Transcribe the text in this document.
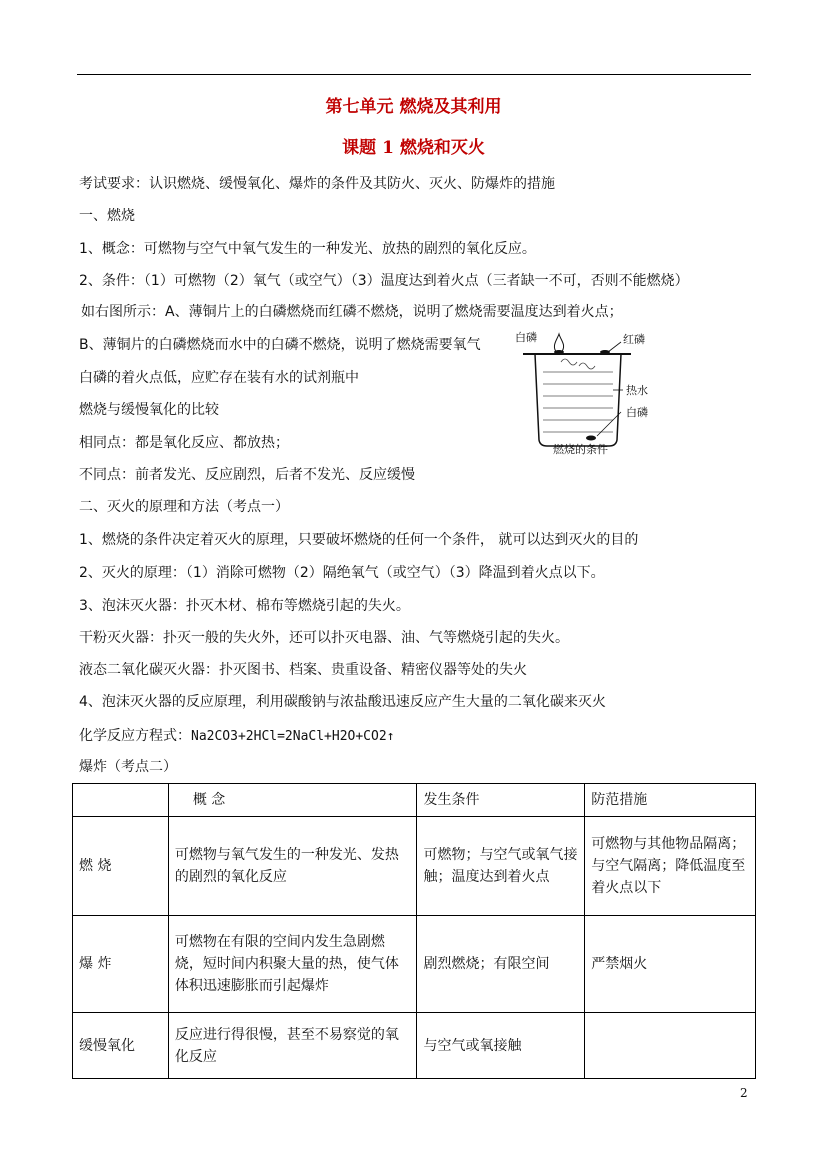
第七单元 燃烧及其利用
课题 1 燃烧和灭火
考试要求：认识燃烧、缓慢氧化、爆炸的条件及其防火、灭火、防爆炸的措施
一、燃烧
1、概念：可燃物与空气中氧气发生的一种发光、放热的剧烈的氧化反应。
2、条件：（1）可燃物（2）氧气（或空气）（3）温度达到着火点（三者缺一不可，否则不能燃烧）
如右图所示：A、薄铜片上的白磷燃烧而红磷不燃烧，说明了燃烧需要温度达到着火点；
B、薄铜片的白磷燃烧而水中的白磷不燃烧，说明了燃烧需要氧气
白磷的着火点低，应贮存在装有水的试剂瓶中
燃烧与缓慢氧化的比较
相同点：都是氧化反应、都放热；
不同点：前者发光、反应剧烈，后者不发光、反应缓慢
二、灭火的原理和方法（考点一）
1、燃烧的条件决定着灭火的原理，只要破坏燃烧的任何一个条件， 就可以达到灭火的目的
2、灭火的原理：（1）消除可燃物（2）隔绝氧气（或空气）（3）降温到着火点以下。
3、泡沫灭火器：扑灭木材、棉布等燃烧引起的失火。
干粉灭火器：扑灭一般的失火外，还可以扑灭电器、油、气等燃烧引起的失火。
液态二氧化碳灭火器：扑灭图书、档案、贵重设备、精密仪器等处的失火
4、泡沫灭火器的反应原理，利用碳酸钠与浓盐酸迅速反应产生大量的二氧化碳来灭火
化学反应方程式：Na2CO3+2HCl=2NaCl+H2O+CO2↑
爆炸（考点二）
白磷	红磷
热水
白磷
燃烧的条件
	概 念	发生条件	防范措施
燃 烧	可燃物与氧气发生的一种发光、发热的剧烈的氧化反应	可燃物；与空气或氧气接触；温度达到着火点	可燃物与其他物品隔离；与空气隔离；降低温度至着火点以下
爆 炸	可燃物在有限的空间内发生急剧燃烧，短时间内积聚大量的热，使气体体积迅速膨胀而引起爆炸	剧烈燃烧；有限空间	严禁烟火
缓慢氧化	反应进行得很慢，甚至不易察觉的氧化反应	与空气或氧接触	
2
